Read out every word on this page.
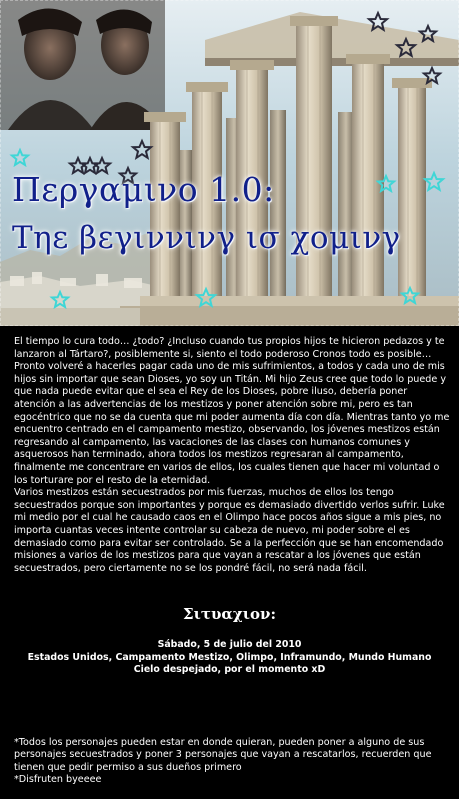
Περγαμινο 1.0:
Τηε βεγιννινγ ισ χομινγ

El tiempo lo cura todo… ¿todo? ¿Incluso cuando tus propios hijos te hicieron pedazos y te lanzaron al Tártaro?, posiblemente si, siento el todo poderoso Cronos todo es posible… Pronto volveré a hacerles pagar cada uno de mis sufrimientos, a todos y cada uno de mis hijos sin importar que sean Dioses, yo soy un Titán. Mi hijo Zeus cree que todo lo puede y que nada puede evitar que el sea el Rey de los Dioses, pobre iluso, debería poner atención a las advertencias de los mestizos y poner atención sobre mi, pero es tan egocéntrico que no se da cuenta que mi poder aumenta día con día. Mientras tanto yo me encuentro centrado en el campamento mestizo, observando, los jóvenes mestizos están regresando al campamento, las vacaciones de las clases con humanos comunes y asquerosos han terminado, ahora todos los mestizos regresaran al campamento, finalmente me concentrare en varios de ellos, los cuales tienen que hacer mi voluntad o los torturare por el resto de la eternidad.

Varios mestizos están secuestrados por mis fuerzas, muchos de ellos los tengo secuestrados porque son importantes y porque es demasiado divertido verlos sufrir. Luke mi medio por el cual he causado caos en el Olimpo hace pocos años sigue a mis pies, no importa cuantas veces intente controlar su cabeza de nuevo, mi poder sobre el es demasiado como para evitar ser controlado. Se a la perfección que se han encomendado misiones a varios de los mestizos para que vayan a rescatar a los jóvenes que están secuestrados, pero ciertamente no se los pondré fácil, no será nada fácil.

Σιτυαχιον:
Sábado, 5 de julio del 2010
Estados Unidos, Campamento Mestizo, Olimpo, Inframundo, Mundo Humano
Cielo despejado, por el momento xD

*Todos los personajes pueden estar en donde quieran, pueden poner a alguno de sus personajes secuestrados y poner 3 personajes que vayan a rescatarlos, recuerden que tienen que pedir permiso a sus dueños primero

*Disfruten byeeee
